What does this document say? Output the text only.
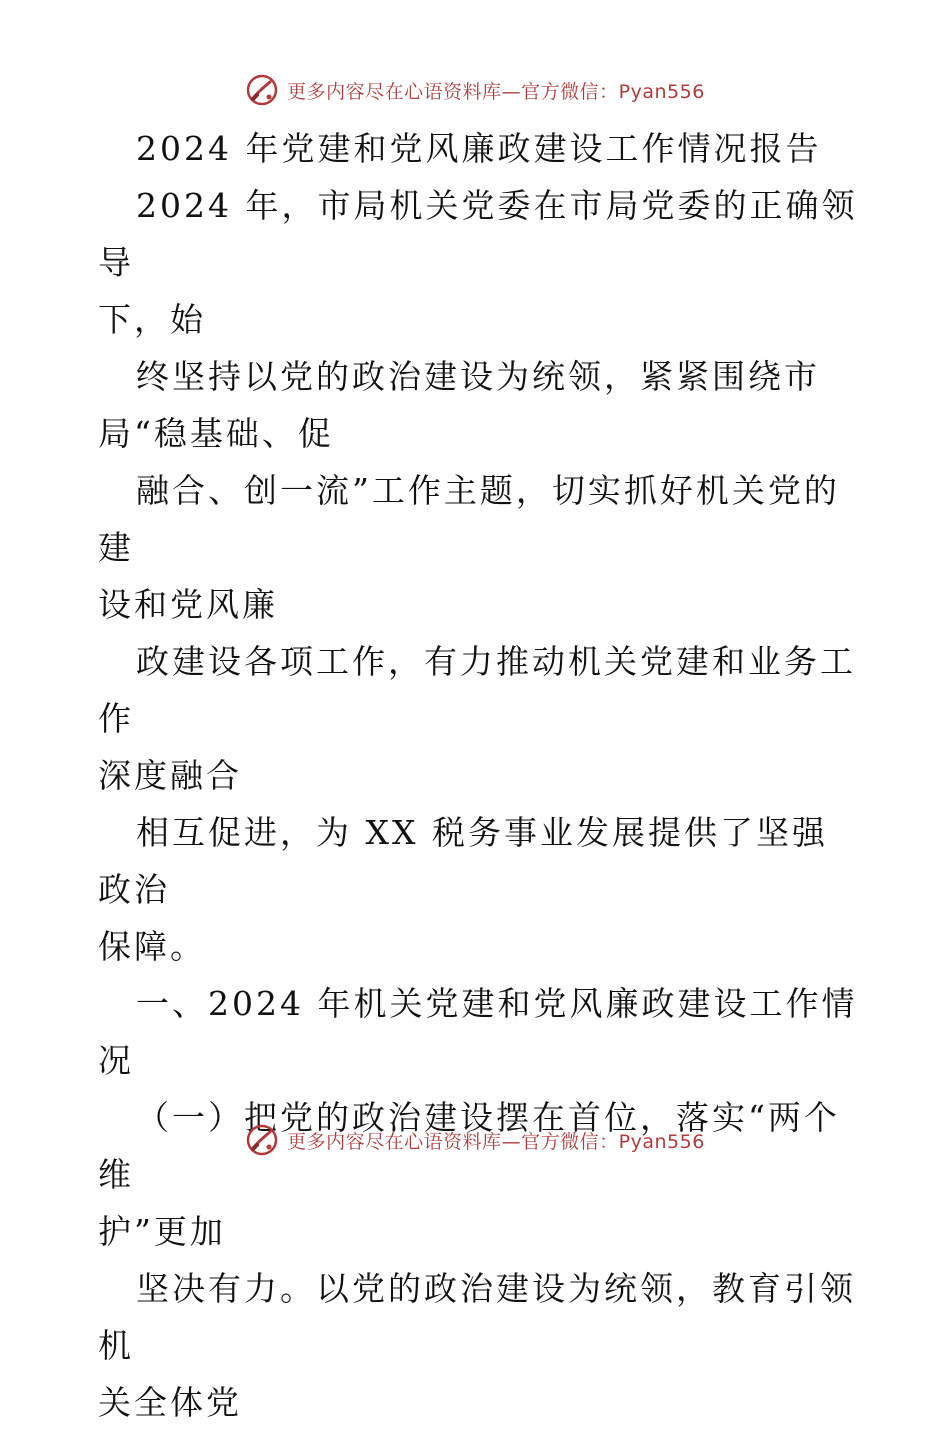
更多内容尽在心语资料库—官方微信：Pyan556

2024 年党建和党风廉政建设工作情况报告
2024 年，市局机关党委在市局党委的正确领导
下，始
终坚持以党的政治建设为统领，紧紧围绕市
局“稳基础、促
融合、创一流”工作主题，切实抓好机关党的建
设和党风廉
政建设各项工作，有力推动机关党建和业务工作
深度融合
相互促进，为 XX 税务事业发展提供了坚强政治
保障。
一、2024 年机关党建和党风廉政建设工作情况
（一）把党的政治建设摆在首位，落实“两个维
护”更加
坚决有力。以党的政治建设为统领，教育引领机
关全体党

更多内容尽在心语资料库—官方微信：Pyan556
